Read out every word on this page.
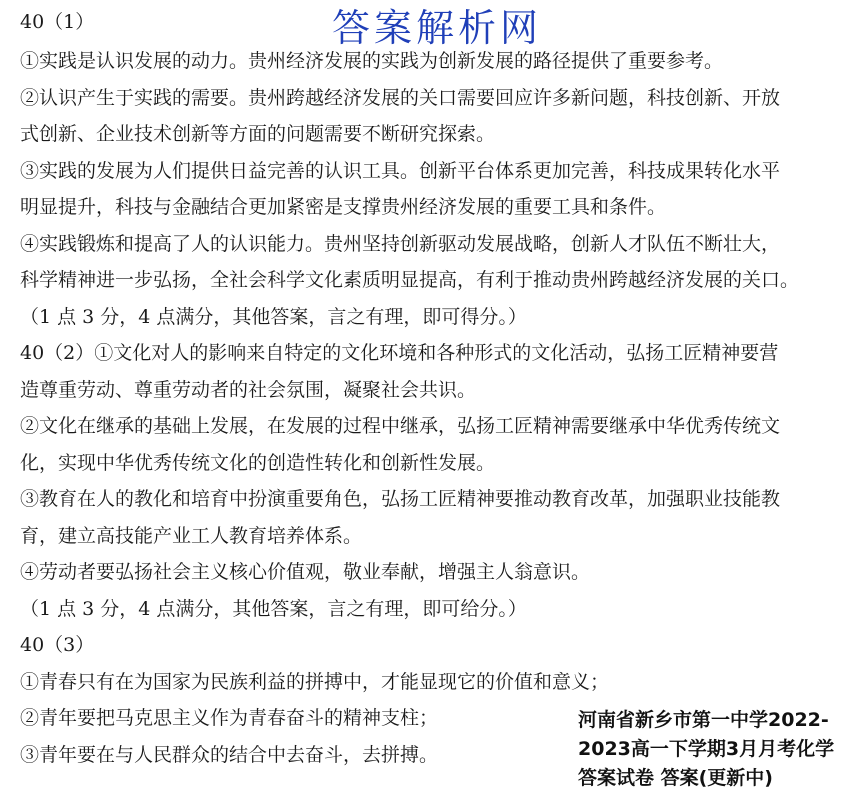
答案解析网
40（1）
①实践是认识发展的动力。贵州经济发展的实践为创新发展的路径提供了重要参考。
②认识产生于实践的需要。贵州跨越经济发展的关口需要回应许多新问题，科技创新、开放
式创新、企业技术创新等方面的问题需要不断研究探索。
③实践的发展为人们提供日益完善的认识工具。创新平台体系更加完善，科技成果转化水平
明显提升，科技与金融结合更加紧密是支撑贵州经济发展的重要工具和条件。
④实践锻炼和提高了人的认识能力。贵州坚持创新驱动发展战略，创新人才队伍不断壮大，
科学精神进一步弘扬，全社会科学文化素质明显提高，有利于推动贵州跨越经济发展的关口。
（1 点 3 分，4 点满分，其他答案，言之有理，即可得分。）
40（2）①文化对人的影响来自特定的文化环境和各种形式的文化活动，弘扬工匠精神要营
造尊重劳动、尊重劳动者的社会氛围，凝聚社会共识。
②文化在继承的基础上发展，在发展的过程中继承，弘扬工匠精神需要继承中华优秀传统文
化，实现中华优秀传统文化的创造性转化和创新性发展。
③教育在人的教化和培育中扮演重要角色，弘扬工匠精神要推动教育改革，加强职业技能教
育，建立高技能产业工人教育培养体系。
④劳动者要弘扬社会主义核心价值观，敬业奉献，增强主人翁意识。
（1 点 3 分，4 点满分，其他答案，言之有理，即可给分。）
40（3）
①青春只有在为国家为民族利益的拼搏中，才能显现它的价值和意义；
②青年要把马克思主义作为青春奋斗的精神支柱；
③青年要在与人民群众的结合中去奋斗，去拼搏。
河南省新乡市第一中学2022-
2023高一下学期3月月考化学
答案试卷 答案(更新中)
